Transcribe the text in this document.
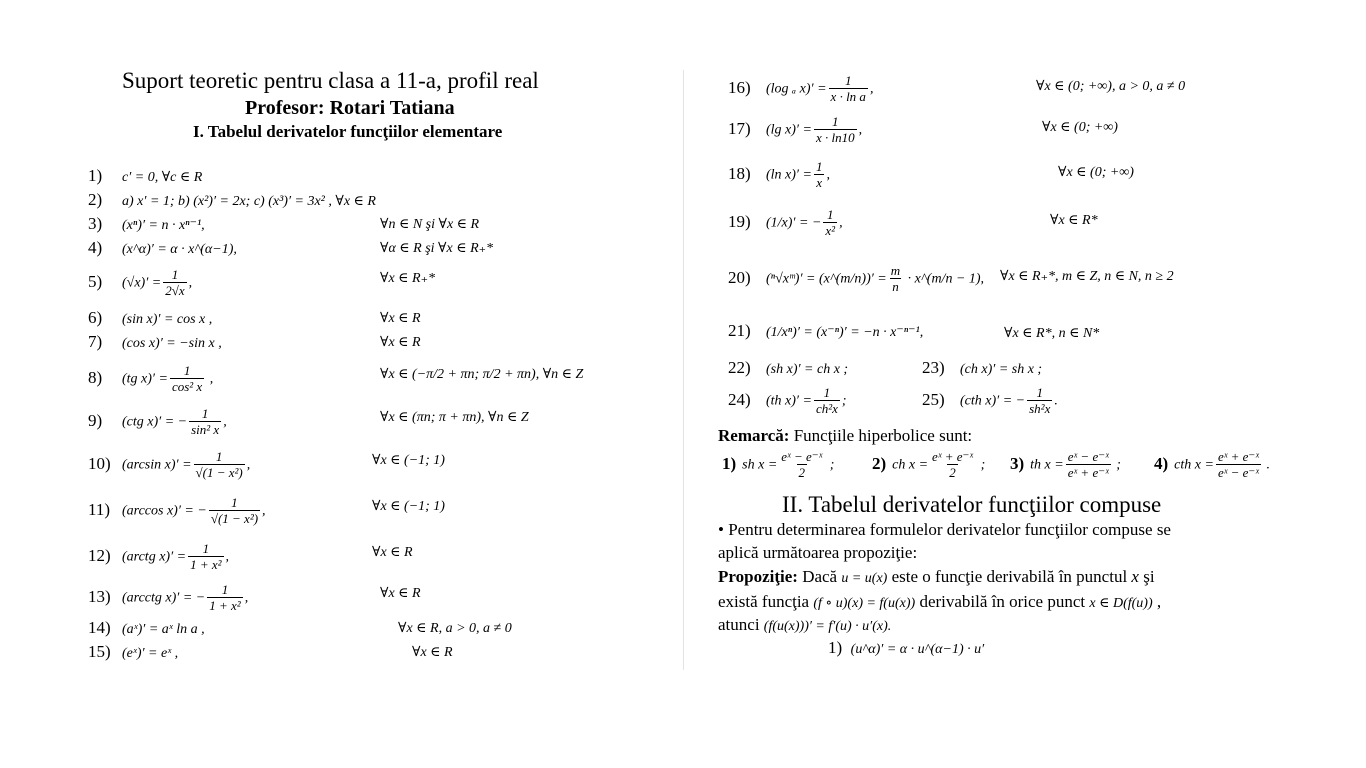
Suport teoretic pentru clasa a 11-a, profil real
Profesor: Rotari Tatiana
I. Tabelul derivatelor funcţiilor elementare
1) c′ = 0, ∀c ∈ R
2) a) x′ = 1; b) (x²)′ = 2x; c) (x³)′ = 3x² , ∀x ∈ R
3) (xⁿ)′ = n · xⁿ⁻¹,	∀n ∈ N şi ∀x ∈ R
4) (x^α)′ = α · x^(α−1),	∀α ∈ R şi ∀x ∈ R₊*
5) $(√x)' = \frac{1}{2√x}$ ,	∀x ∈ R₊*
6) (sin x)′ = cos x ,	∀x ∈ R
7) (cos x)′ = −sin x ,	∀x ∈ R
8) (tg $x)' = \frac{1}{\text{cos² x}}$ ,	∀x ∈ (−π/2 + πn; π/2 + πn), ∀n ∈ Z
9) (ctg x)′ = − $\frac{1}{\text{sin² x}}$ ,	∀x ∈ (πn; π + πn), ∀n ∈ Z
10) (arcsin $x)' = \frac{1}{\text{√(1 − x²)}}$ ,	∀x ∈ (−1; 1)
11) (arccos x)′ = − $\frac{1}{\text{√(1 − x²)}}$ ,	∀x ∈ (−1; 1)
12) (arctg $x)' = \frac{1}{\text{1 + x²}}$ ,	∀x ∈ R
13) (arcctg x)′ = − $\frac{1}{\text{1 + x²}}$ ,	∀x ∈ R
14) (aˣ)′ = aˣ ln a ,	∀x ∈ R, a > 0, a ≠ 0
15) (eˣ)′ = eˣ ,	∀x ∈ R
16) (log ₐ $x)' = \frac{1}{\text{x · ln a}}$ ,	∀x ∈ (0; +∞), a > 0, a ≠ 0
17) (lg $x)' = \frac{1}{x \cdot \ln 10}$ ,	∀x ∈ (0; +∞)
18) (ln $x)' = \frac{1}{x}$ ,	∀x ∈ (0; +∞)
19) (1/x)′ = − $\frac{1}{\text{x²}}$ ,	∀x ∈ R*
20) (ⁿ√xᵐ)′ = (x^(m/n))′ = $\frac{m}{n}$ · x^(m/n − 1), ∀x ∈ R₊*, m ∈ Z, n ∈ N, n ≥ 2
21) (1/xⁿ)′ = (x⁻ⁿ)′ = −n · x⁻ⁿ⁻¹,	∀x ∈ R*, n ∈ N*
22) (sh x)′ = ch x ;	23) (ch x)′ = sh x ;
24) (th $x)' = \frac{1}{\text{ch²x}}$ ;	25) (cth x)′ = − $\frac{1}{\text{sh²x}}$ .
Remarcă: Funcţiile hiperbolice sunt:
1) sh $x = \frac{\text{eˣ − e⁻ˣ}}{2}$ ; 2) ch $x = \frac{\text{eˣ + e⁻ˣ}}{2}$ ; 3) th $x = \frac{\text{eˣ − e⁻ˣ}}{\text{eˣ + e⁻ˣ}}$ ; 4) cth $x = \frac{\text{eˣ + e⁻ˣ}}{\text{eˣ − e⁻ˣ}}$ .
II. Tabelul derivatelor funcţiilor compuse
• Pentru determinarea formulelor derivatelor funcţiilor compuse se
aplică următoarea propoziţie:
Propoziţie: Dacă u = u(x) este o funcţie derivabilă în punctul x şi
există funcţia (f ∘ u)(x) = f(u(x)) derivabilă în orice punct x ∈ D(f(u)) ,
atunci (f(u(x)))′ = f′(u) · u′(x).
1) (u^α)′ = α · u^(α−1) · u′
